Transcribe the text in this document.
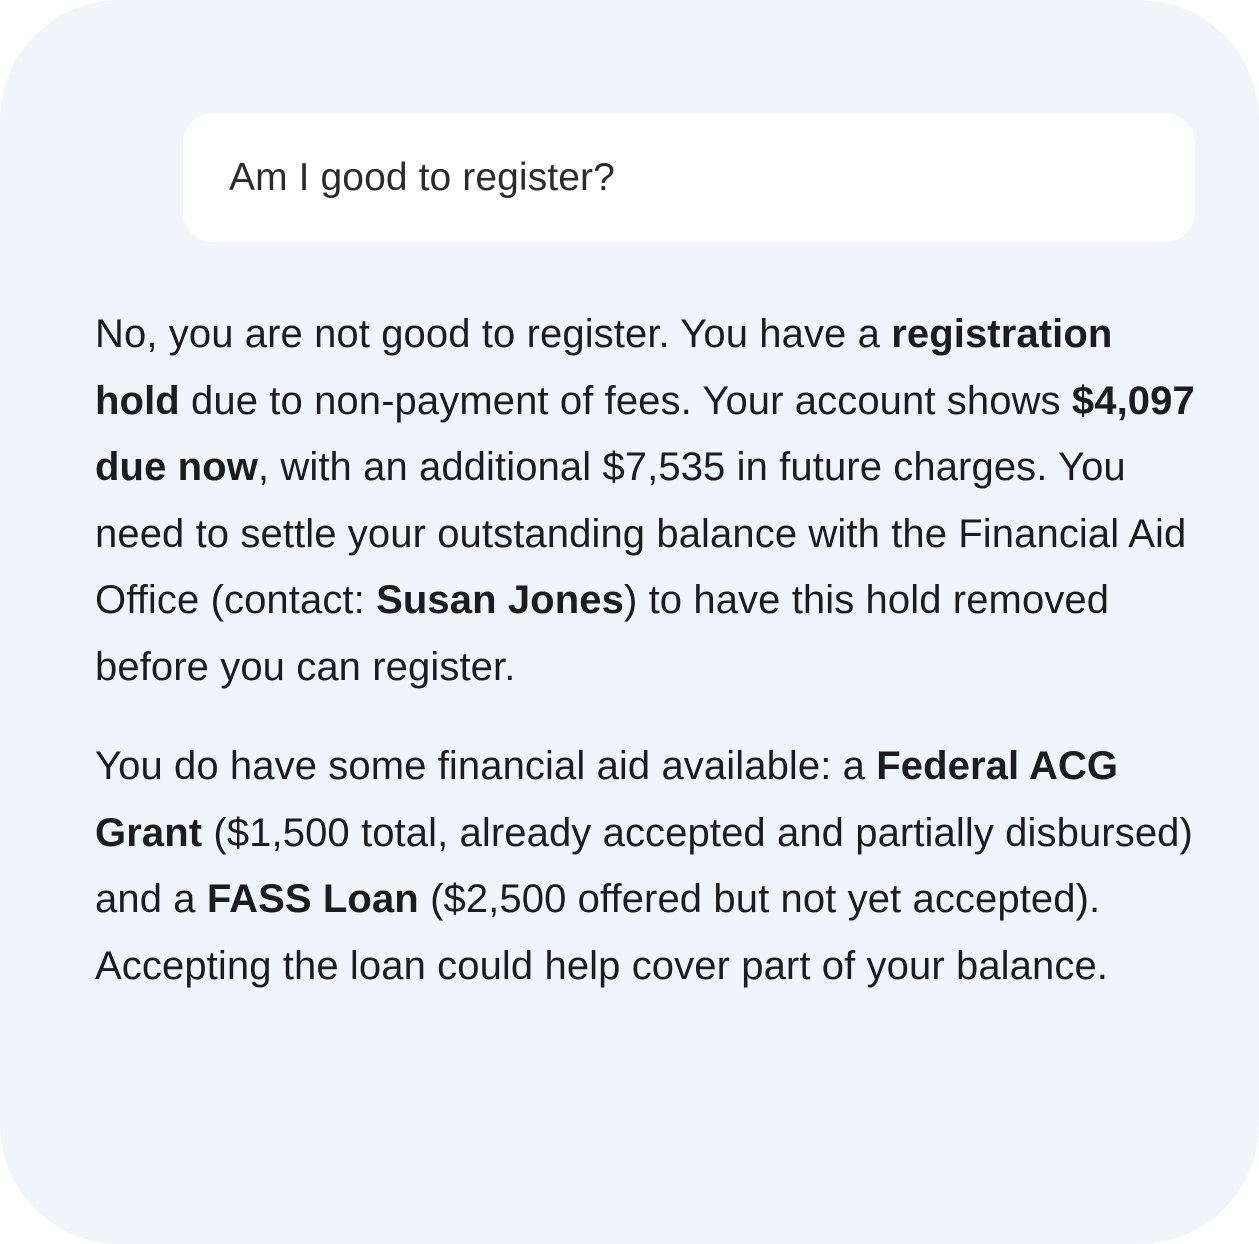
Am I good to register?

No, you are not good to register. You have a registration hold due to non-payment of fees. Your account shows $4,097 due now, with an additional $7,535 in future charges. You need to settle your outstanding balance with the Financial Aid Office (contact: Susan Jones) to have this hold removed before you can register.

You do have some financial aid available: a Federal ACG Grant ($1,500 total, already accepted and partially disbursed) and a FASS Loan ($2,500 offered but not yet accepted). Accepting the loan could help cover part of your balance.
